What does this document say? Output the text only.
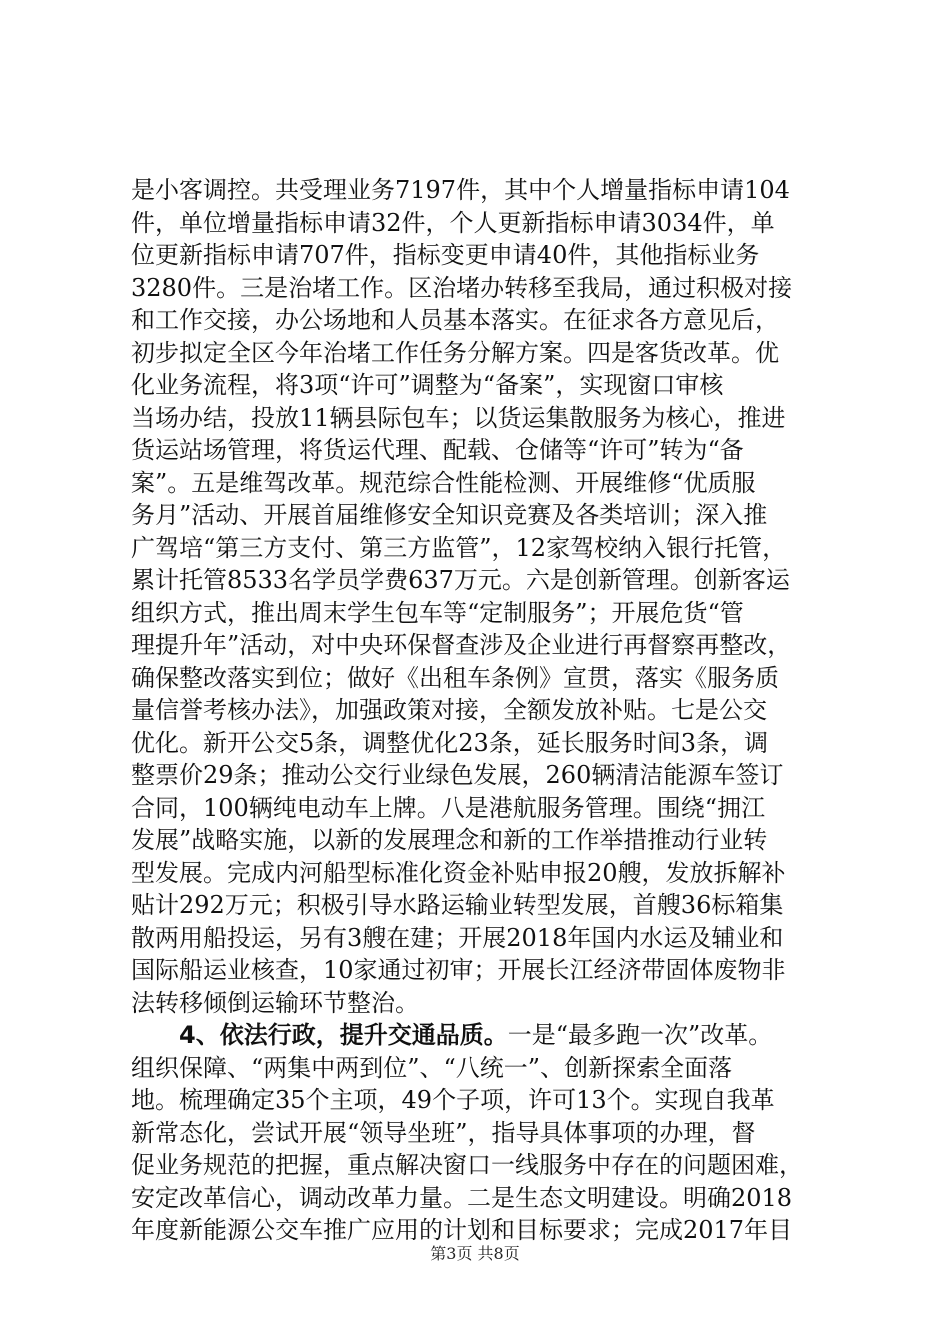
是小客调控。共受理业务7197件，其中个人增量指标申请104
件，单位增量指标申请32件，个人更新指标申请3034件，单
位更新指标申请707件，指标变更申请40件，其他指标业务
3280件。三是治堵工作。区治堵办转移至我局，通过积极对接
和工作交接，办公场地和人员基本落实。在征求各方意见后，
初步拟定全区今年治堵工作任务分解方案。四是客货改革。优
化业务流程，将3项“许可”调整为“备案”，实现窗口审核
当场办结，投放11辆县际包车；以货运集散服务为核心，推进
货运站场管理，将货运代理、配载、仓储等“许可”转为“备
案”。五是维驾改革。规范综合性能检测、开展维修“优质服
务月”活动、开展首届维修安全知识竞赛及各类培训；深入推
广驾培“第三方支付、第三方监管”，12家驾校纳入银行托管，
累计托管8533名学员学费637万元。六是创新管理。创新客运
组织方式，推出周末学生包车等“定制服务”；开展危货“管
理提升年”活动，对中央环保督查涉及企业进行再督察再整改，
确保整改落实到位；做好《出租车条例》宣贯，落实《服务质
量信誉考核办法》，加强政策对接，全额发放补贴。七是公交
优化。新开公交5条，调整优化23条，延长服务时间3条，调
整票价29条；推动公交行业绿色发展，260辆清洁能源车签订
合同，100辆纯电动车上牌。八是港航服务管理。围绕“拥江
发展”战略实施，以新的发展理念和新的工作举措推动行业转
型发展。完成内河船型标准化资金补贴申报20艘，发放拆解补
贴计292万元；积极引导水路运输业转型发展，首艘36标箱集
散两用船投运，另有3艘在建；开展2018年国内水运及辅业和
国际船运业核查，10家通过初审；开展长江经济带固体废物非
法转移倾倒运输环节整治。
4、依法行政，提升交通品质。一是“最多跑一次”改革。
组织保障、“两集中两到位”、“八统一”、创新探索全面落
地。梳理确定35个主项，49个子项，许可13个。实现自我革
新常态化，尝试开展“领导坐班”，指导具体事项的办理，督
促业务规范的把握，重点解决窗口一线服务中存在的问题困难，
安定改革信心，调动改革力量。二是生态文明建设。明确2018
年度新能源公交车推广应用的计划和目标要求；完成2017年目
第3页 共8页
